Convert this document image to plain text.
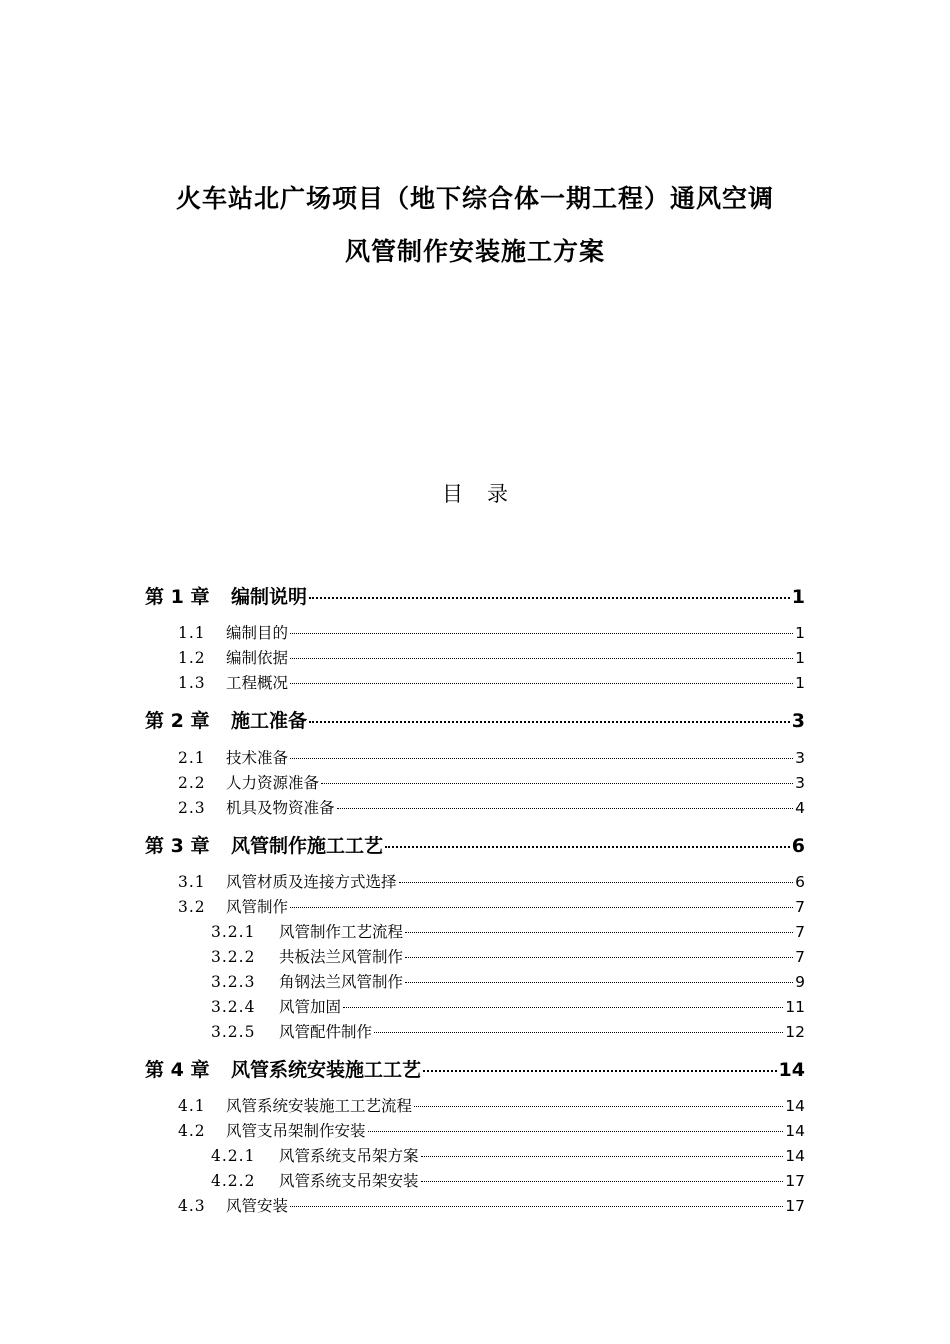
火车站北广场项目（地下综合体一期工程）通风空调
风管制作安装施工方案
目 录
第 1 章 编制说明	1
1.1 编制目的	1
1.2 编制依据	1
1.3 工程概况	1
第 2 章 施工准备	3
2.1 技术准备	3
2.2 人力资源准备	3
2.3 机具及物资准备	4
第 3 章 风管制作施工工艺	6
3.1 风管材质及连接方式选择	6
3.2 风管制作	7
3.2.1 风管制作工艺流程	7
3.2.2 共板法兰风管制作	7
3.2.3 角钢法兰风管制作	9
3.2.4 风管加固	11
3.2.5 风管配件制作	12
第 4 章 风管系统安装施工工艺	14
4.1 风管系统安装施工工艺流程	14
4.2 风管支吊架制作安装	14
4.2.1 风管系统支吊架方案	14
4.2.2 风管系统支吊架安装	17
4.3 风管安装	17
